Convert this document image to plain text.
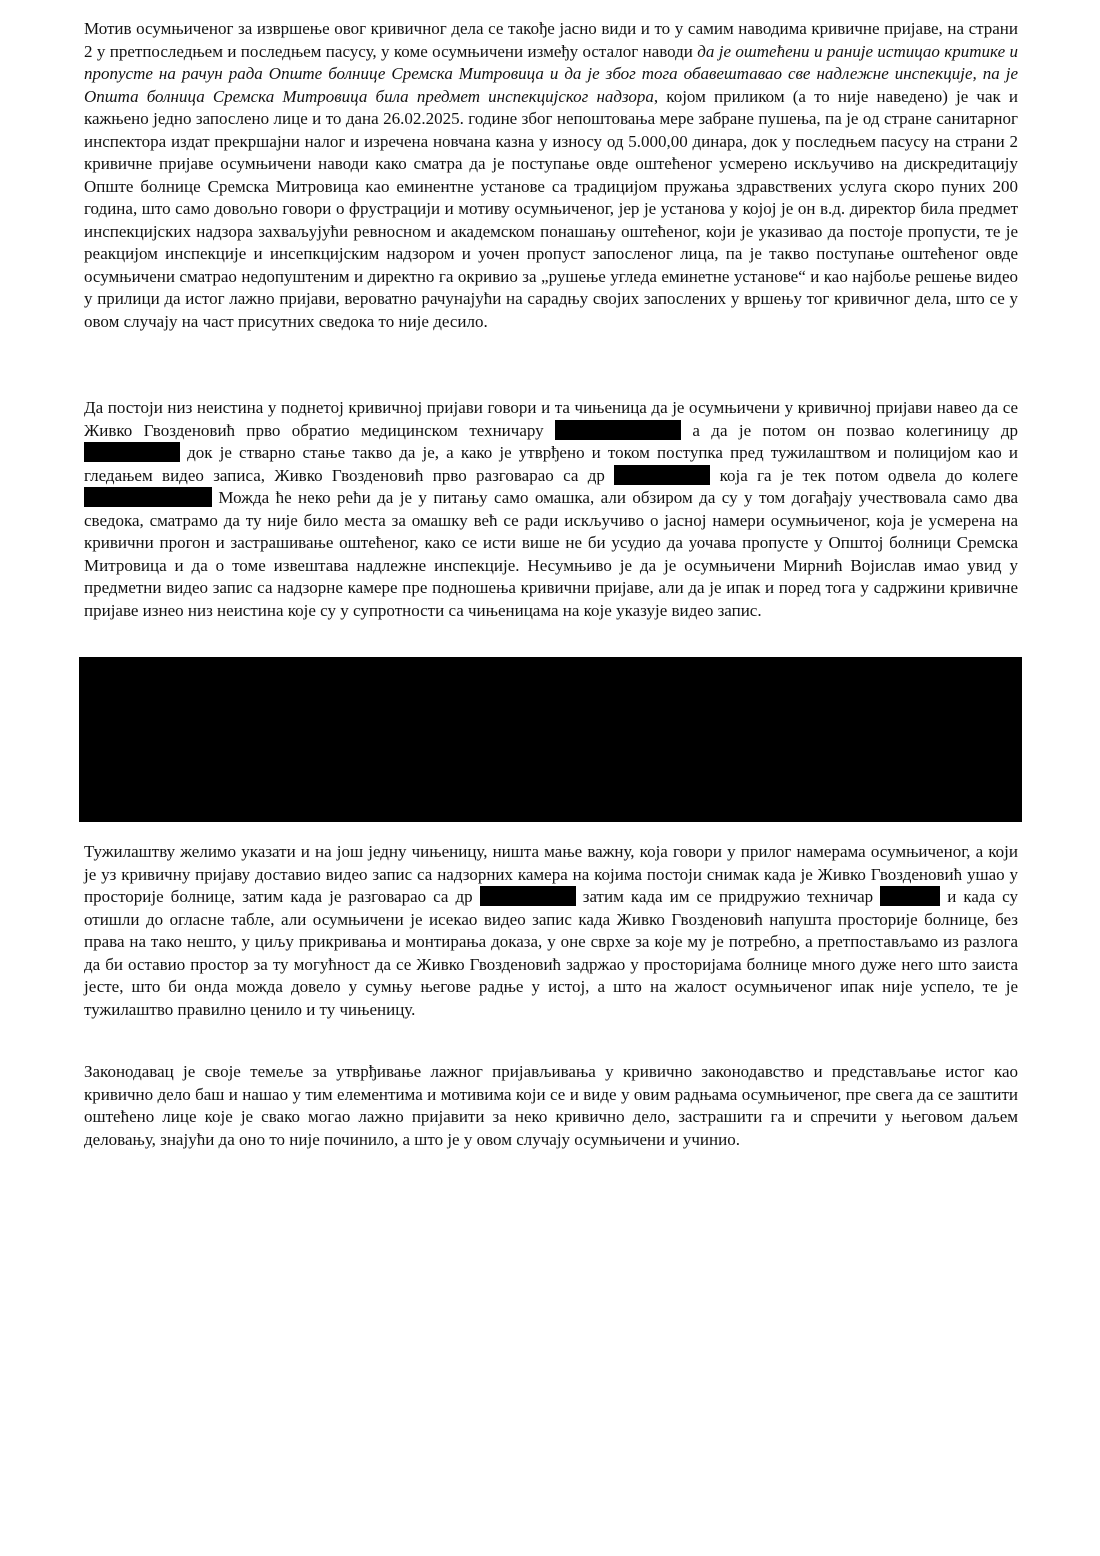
Мотив осумњиченог за извршење овог кривичног дела се такође јасно види и то у самим наводима кривичне пријаве, на страни 2 у претпоследњем и последњем пасусу, у коме осумњичени између осталог наводи да је оштећени и раније истицао критике и пропусте на рачун рада Опште болнице Сремска Митровица и да је због тога обавештавао све надлежне инспекције, па је Општа болница Сремска Митровица била предмет инспекцијског надзора, којом приликом (а то није наведено) је чак и кажњено једно запослено лице и то дана 26.02.2025. године због непоштовања мере забране пушења, па је од стране санитарног инспектора издат прекршајни налог и изречена новчана казна у износу од 5.000,00 динара, док у последњем пасусу на страни 2 кривичне пријаве осумњичени наводи како сматра да је поступање овде оштећеног усмерено искључиво на дискредитацију Опште болнице Сремска Митровица као еминентне установе са традицијом пружања здравствених услуга скоро пуних 200 година, што само довољно говори о фрустрацији и мотиву осумњиченог, јер је установа у којој је он в.д. директор била предмет инспекцијских надзора захваљујући ревносном и академском понашању оштећеног, који је указивао да постоје пропусти, те је реакцијом инспекције и инсепкцијским надзором и уочен пропуст запосленог лица, па је такво поступање оштећеног овде осумњичени сматрао недопуштеним и директно га окривио за „рушење угледа еминетне установе“ и као најбоље решење видео у прилици да истог лажно пријави, вероватно рачунајући на сарадњу својих запослених у вршењу тог кривичног дела, што се у овом случају на част присутних сведока то није десило.

Да постоји низ неистина у поднетој кривичној пријави говори и та чињеница да је осумњичени у кривичној пријави навео да се Живко Гвозденовић прво обратио медицинском техничару	а да је потом он позвао колегиницу др  док је стварно стање такво да је, а како је утврђено и током поступка пред тужилаштвом и полицијом као и гледањем видео записа, Живко Гвозденовић прво разговарао са др	која га је тек потом одвела до колеге  Можда ће неко рећи да је у питању само омашка, али обзиром да су у том догађају учествовала само два сведока, сматрамо да ту није било места за омашку већ се ради искључиво о јасној намери осумњиченог, која је усмерена на кривични прогон и застрашивање оштећеног, како се исти више не би усудио да уочава пропусте у Општој болници Сремска Митровица и да о томе извештава надлежне инспекције. Несумњиво је да је осумњичени Мирнић Војислав имао увид у предметни видео запис са надзорне камере пре подношења кривични пријаве, али да је ипак и поред тога у садржини кривичне пријаве изнео низ неистина које су у супротности са чињеницама на које указује видео запис.

Тужилаштву желимо указати и на још једну чињеницу, ништа мање важну, која говори у прилог намерама осумњиченог, а који је уз кривичну пријаву доставио видео запис са надзорних камера на којима постоји снимак када је Живко Гвозденовић ушао у просторије болнице, затим када је разговарао са др	затим када им се придружио техничар	и када су отишли до огласне табле, али осумњичени је исекао видео запис када Живко Гвозденовић напушта просторије болнице, без права на тако нешто, у циљу прикривања и монтирања доказа, у оне сврхе за које му је потребно, а претпостављамо из разлога да би оставио простор за ту могућност да се Живко Гвозденовић задржао у просторијама болнице много дуже него што заиста јесте, што би онда можда довело у сумњу његове радње у истој, а што на жалост осумњиченог ипак није успело, те је тужилаштво правилно ценило и ту чињеницу.

Законодавац је своје темеље за утврђивање лажног пријављивања у кривично законодавство и представљање истог као кривично дело баш и нашао у тим елементима и мотивима који се и виде у овим радњама осумњиченог, пре свега да се заштити оштећено лице које је свако могао лажно пријавити за неко кривично дело, застрашити га и спречити у његовом даљем деловању, знајући да оно то није починило, а што је у овом случају осумњичени и учинио.
